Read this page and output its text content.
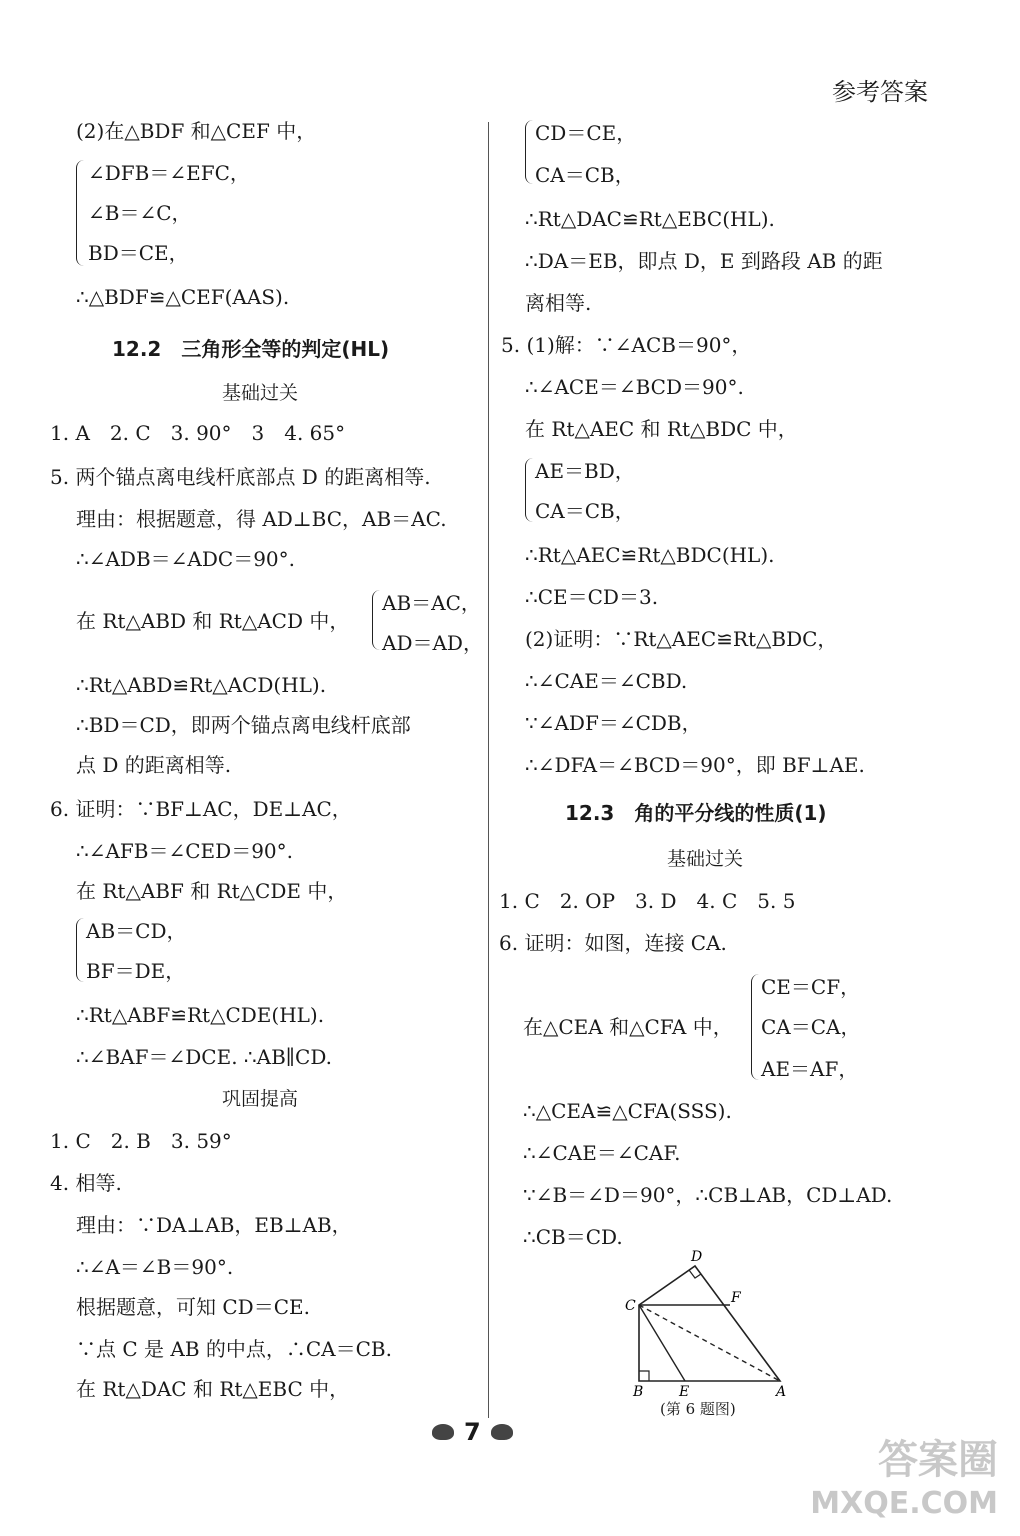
参考答案
(2)在△BDF 和△CEF 中，
∠DFB＝∠EFC，
∠B＝∠C，
BD＝CE，
∴△BDF≌△CEF(AAS).
12.2　三角形全等的判定(HL)
基础过关
1. A　2. C　3. 90°　3　4. 65°
5. 两个锚点离电线杆底部点 D 的距离相等.
理由：根据题意，得 AD⊥BC，AB＝AC.
∴∠ADB＝∠ADC＝90°.
在 Rt△ABD 和 Rt△ACD 中，
AB＝AC，
AD＝AD，
∴Rt△ABD≌Rt△ACD(HL).
∴BD＝CD，即两个锚点离电线杆底部
点 D 的距离相等.
6. 证明：∵BF⊥AC，DE⊥AC，
∴∠AFB＝∠CED＝90°.
在 Rt△ABF 和 Rt△CDE 中，
AB＝CD，
BF＝DE，
∴Rt△ABF≌Rt△CDE(HL).
∴∠BAF＝∠DCE. ∴AB∥CD.
巩固提高
1. C　2. B　3. 59°
4. 相等.
理由：∵DA⊥AB，EB⊥AB，
∴∠A＝∠B＝90°.
根据题意，可知 CD＝CE.
∵点 C 是 AB 的中点，∴CA＝CB.
在 Rt△DAC 和 Rt△EBC 中，
CD＝CE，
CA＝CB，
∴Rt△DAC≌Rt△EBC(HL).
∴DA＝EB，即点 D，E 到路段 AB 的距
离相等.
5. (1)解：∵∠ACB＝90°，
∴∠ACE＝∠BCD＝90°.
在 Rt△AEC 和 Rt△BDC 中，
AE＝BD，
CA＝CB，
∴Rt△AEC≌Rt△BDC(HL).
∴CE＝CD＝3.
(2)证明：∵Rt△AEC≌Rt△BDC，
∴∠CAE＝∠CBD.
∵∠ADF＝∠CDB，
∴∠DFA＝∠BCD＝90°，即 BF⊥AE.
12.3　角的平分线的性质(1)
基础过关
1. C　2. OP　3. D　4. C　5. 5
6. 证明：如图，连接 CA.
在△CEA 和△CFA 中，
CE＝CF，
CA＝CA，
AE＝AF，
∴△CEA≌△CFA(SSS).
∴∠CAE＝∠CAF.
∵∠B＝∠D＝90°，∴CB⊥AB，CD⊥AD.
∴CB＝CD.
D
C	F
B	E	A
(第 6 题图)
7
答案圈
MXQE.COM
